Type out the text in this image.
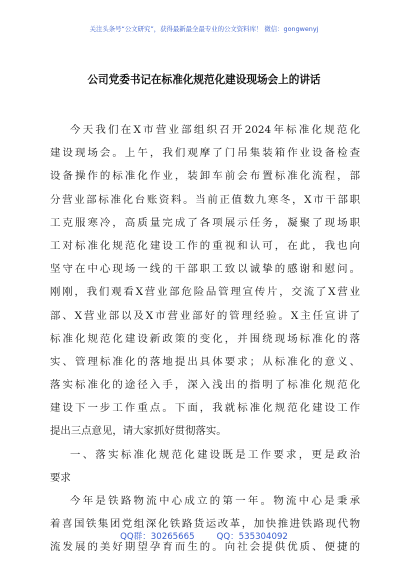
关注头条号“公文研究”，获得最新最全最专业的公文资料库！ 微信：gongwenyj
公司党委书记在标准化规范化建设现场会上的讲话
今天我们在X市营业部组织召开2024年标准化规范化
建设现场会。上午，我们观摩了门吊集装箱作业设备检查
设备操作的标准化作业，装卸车前会布置标准化流程，部
分营业部标准化台账资料。当前正值数九寒冬，X市干部职
工克服寒冷，高质量完成了各项展示任务，凝聚了现场职
工对标准化规范化建设工作的重视和认可，在此，我也向
坚守在中心现场一线的干部职工致以诚挚的感谢和慰问。
刚刚，我们观看X营业部危险品管理宣传片，交流了X营业
部、X营业部以及X市营业部好的管理经验。X主任宣讲了
标准化规范化建设新政策的变化，并围绕现场标准化的落
实、管理标准化的落地提出具体要求；从标准化的意义、
落实标准化的途径入手，深入浅出的指明了标准化规范化
建设下一步工作重点。下面，我就标准化规范化建设工作
提出三点意见，请大家抓好贯彻落实。
一、落实标准化规范化建设既是工作要求，更是政治
要求
今年是铁路物流中心成立的第一年。物流中心是秉承
着喜国铁集团党组深化铁路货运改革，加快推进铁路现代物
流发展的美好期望孕育而生的。向社会提供优质、便捷的
QQ群：30265665	QQ：535304092
